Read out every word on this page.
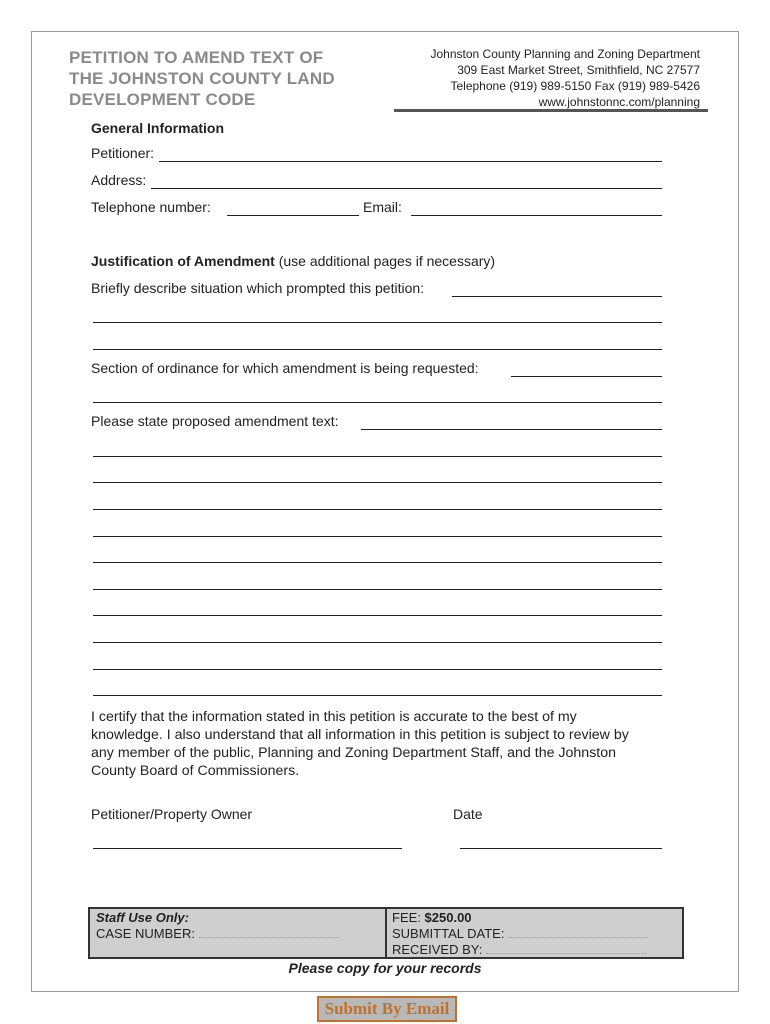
PETITION TO AMEND TEXT OF
THE JOHNSTON COUNTY LAND
DEVELOPMENT CODE
Johnston County Planning and Zoning Department
309 East Market Street, Smithfield, NC 27577
Telephone (919) 989-5150 Fax (919) 989-5426
www.johnstonnc.com/planning
General Information
Petitioner:
Address:
Telephone number:	Email:
Justification of Amendment (use additional pages if necessary)
Briefly describe situation which prompted this petition:
Section of ordinance for which amendment is being requested:
Please state proposed amendment text:
I certify that the information stated in this petition is accurate to the best of my
knowledge. I also understand that all information in this petition is subject to review by
any member of the public, Planning and Zoning Department Staff, and the Johnston
County Board of Commissioners.
Petitioner/Property Owner	Date
Staff Use Only:
CASE NUMBER:
FEE: $250.00
SUBMITTAL DATE:
RECEIVED BY:
Please copy for your records
Submit By Email
